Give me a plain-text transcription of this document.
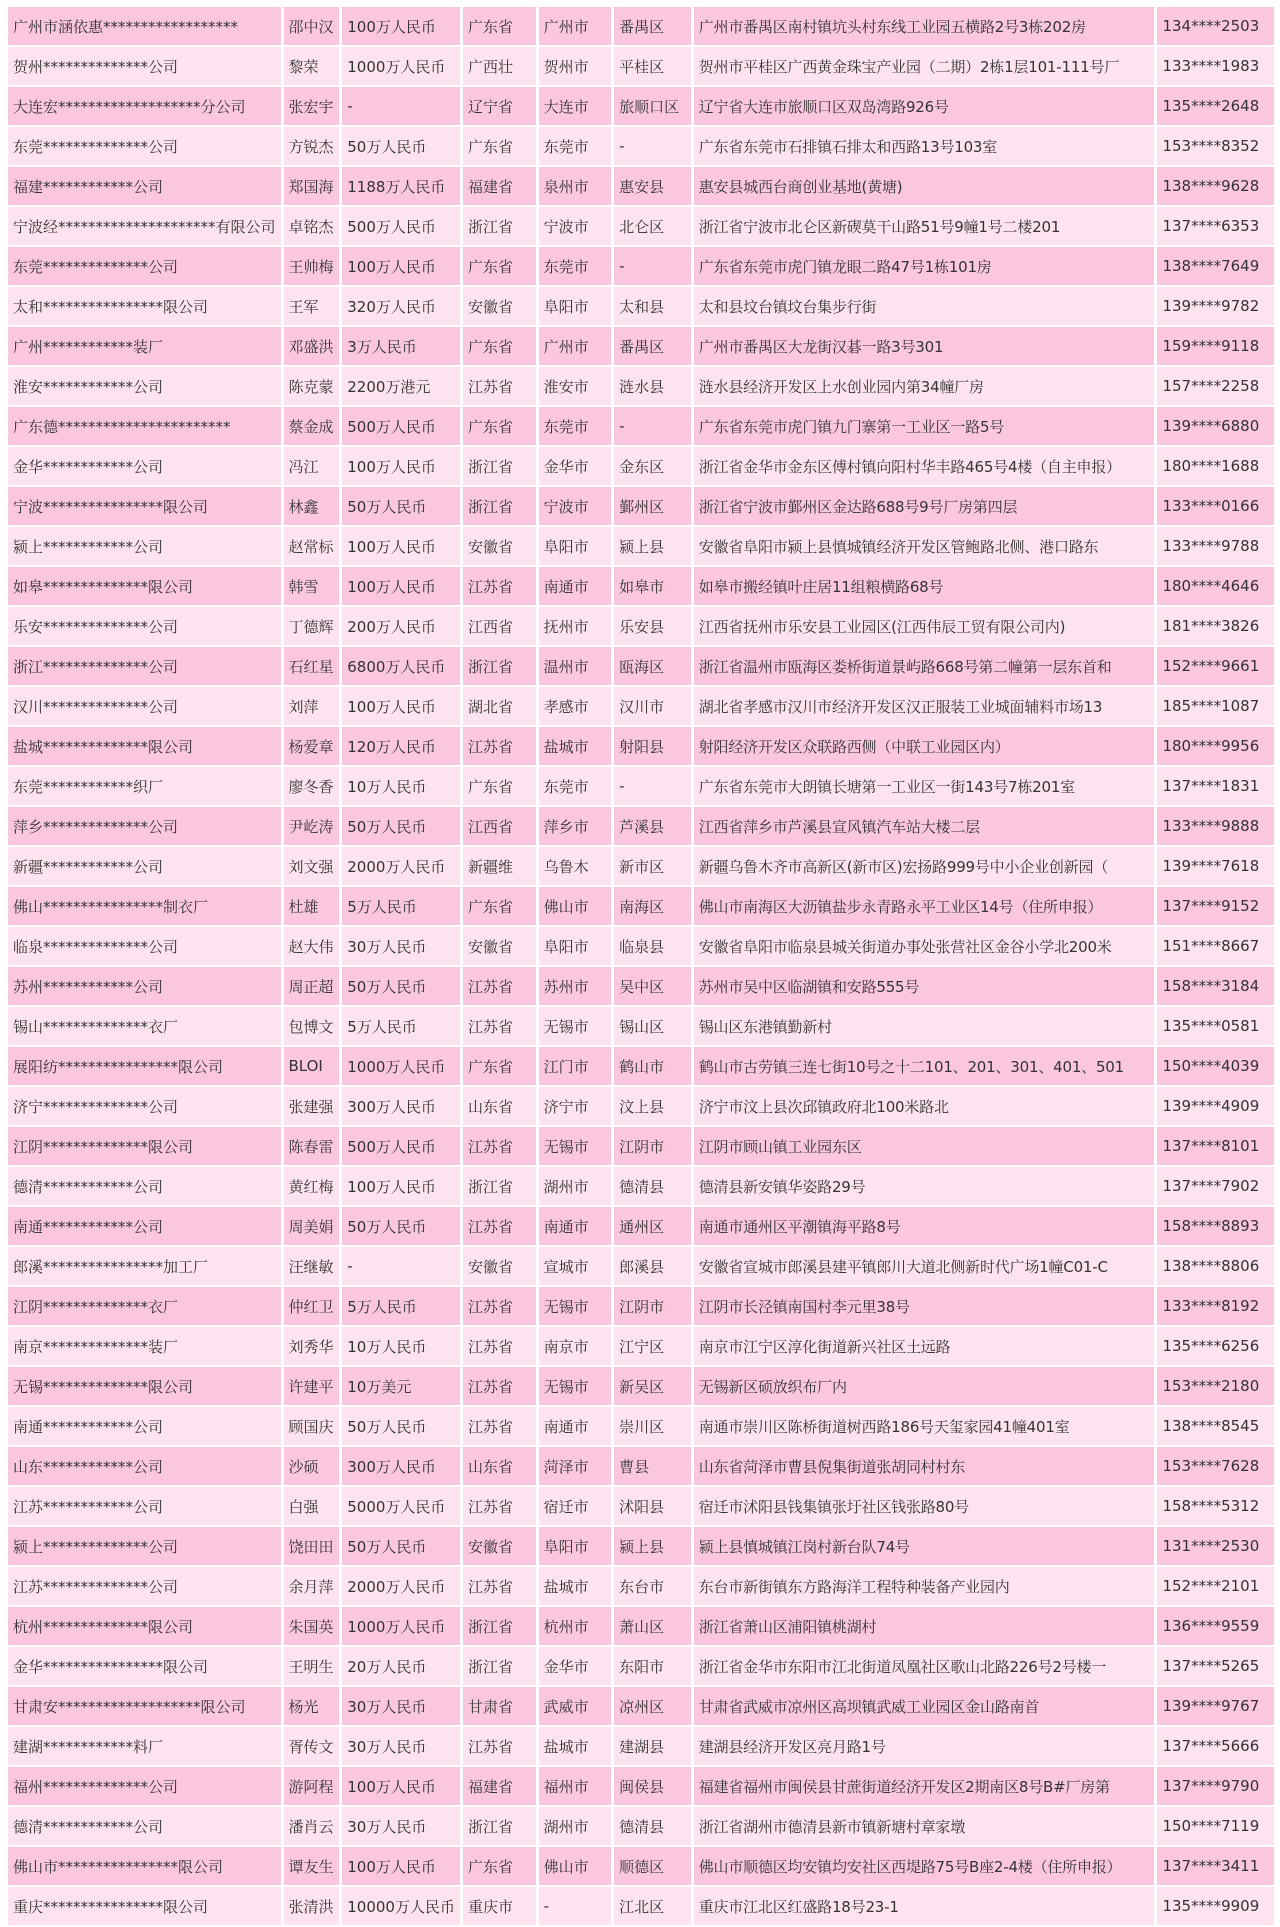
广州市涵依惠******************	邵中汉	100万人民币	广东省	广州市	番禺区	广州市番禺区南村镇坑头村东线工业园五横路2号3栋202房	134****2503
贺州**************公司	黎荣	1000万人民币	广西壮	贺州市	平桂区	贺州市平桂区广西黄金珠宝产业园（二期）2栋1层101-111号厂	133****1983
大连宏*******************分公司	张宏宇	-	辽宁省	大连市	旅顺口区	辽宁省大连市旅顺口区双岛湾路926号	135****2648
东莞**************公司	方锐杰	50万人民币	广东省	东莞市	-	广东省东莞市石排镇石排太和西路13号103室	153****8352
福建************公司	郑国海	1188万人民币	福建省	泉州市	惠安县	惠安县城西台商创业基地(黄塘)	138****9628
宁波经*********************有限公司	卓铭杰	500万人民币	浙江省	宁波市	北仑区	浙江省宁波市北仑区新碶莫干山路51号9幢1号二楼201	137****6353
东莞**************公司	王帅梅	100万人民币	广东省	东莞市	-	广东省东莞市虎门镇龙眼二路47号1栋101房	138****7649
太和****************限公司	王军	320万人民币	安徽省	阜阳市	太和县	太和县坟台镇坟台集步行街	139****9782
广州************装厂	邓盛洪	3万人民币	广东省	广州市	番禺区	广州市番禺区大龙街汉碁一路3号301	159****9118
淮安************公司	陈克蒙	2200万港元	江苏省	淮安市	涟水县	涟水县经济开发区上水创业园内第34幢厂房	157****2258
广东德***********************	蔡金成	500万人民币	广东省	东莞市	-	广东省东莞市虎门镇九门寨第一工业区一路5号	139****6880
金华************公司	冯江	100万人民币	浙江省	金华市	金东区	浙江省金华市金东区傅村镇向阳村华丰路465号4楼（自主申报）	180****1688
宁波****************限公司	林鑫	50万人民币	浙江省	宁波市	鄞州区	浙江省宁波市鄞州区金达路688号9号厂房第四层	133****0166
颍上************公司	赵常标	100万人民币	安徽省	阜阳市	颍上县	安徽省阜阳市颍上县慎城镇经济开发区管鲍路北侧、港口路东	133****9788
如皋**************限公司	韩雪	100万人民币	江苏省	南通市	如皋市	如皋市搬经镇叶庄居11组粮横路68号	180****4646
乐安**************公司	丁德辉	200万人民币	江西省	抚州市	乐安县	江西省抚州市乐安县工业园区(江西伟辰工贸有限公司内)	181****3826
浙江**************公司	石红星	6800万人民币	浙江省	温州市	瓯海区	浙江省温州市瓯海区娄桥街道景屿路668号第二幢第一层东首和	152****9661
汉川**************公司	刘萍	100万人民币	湖北省	孝感市	汉川市	湖北省孝感市汉川市经济开发区汉正服装工业城面辅料市场13	185****1087
盐城**************限公司	杨爱章	120万人民币	江苏省	盐城市	射阳县	射阳经济开发区众联路西侧（中联工业园区内）	180****9956
东莞************织厂	廖冬香	10万人民币	广东省	东莞市	-	广东省东莞市大朗镇长塘第一工业区一街143号7栋201室	137****1831
萍乡**************公司	尹屹涛	50万人民币	江西省	萍乡市	芦溪县	江西省萍乡市芦溪县宣风镇汽车站大楼二层	133****9888
新疆************公司	刘文强	2000万人民币	新疆维	乌鲁木	新市区	新疆乌鲁木齐市高新区(新市区)宏扬路999号中小企业创新园（	139****7618
佛山****************制衣厂	杜雄	5万人民币	广东省	佛山市	南海区	佛山市南海区大沥镇盐步永青路永平工业区14号（住所申报）	137****9152
临泉**************公司	赵大伟	30万人民币	安徽省	阜阳市	临泉县	安徽省阜阳市临泉县城关街道办事处张营社区金谷小学北200米	151****8667
苏州************公司	周正超	50万人民币	江苏省	苏州市	吴中区	苏州市吴中区临湖镇和安路555号	158****3184
锡山**************衣厂	包博文	5万人民币	江苏省	无锡市	锡山区	锡山区东港镇勤新村	135****0581
展阳纺****************限公司	BLOI	1000万人民币	广东省	江门市	鹤山市	鹤山市古劳镇三连七街10号之十二101、201、301、401、501	150****4039
济宁**************公司	张建强	300万人民币	山东省	济宁市	汶上县	济宁市汶上县次邱镇政府北100米路北	139****4909
江阴**************限公司	陈春雷	500万人民币	江苏省	无锡市	江阴市	江阴市顾山镇工业园东区	137****8101
德清************公司	黄红梅	100万人民币	浙江省	湖州市	德清县	德清县新安镇华姿路29号	137****7902
南通************公司	周美娟	50万人民币	江苏省	南通市	通州区	南通市通州区平潮镇海平路8号	158****8893
郎溪****************加工厂	汪继敏	-	安徽省	宣城市	郎溪县	安徽省宣城市郎溪县建平镇郎川大道北侧新时代广场1幢C01-C	138****8806
江阴**************衣厂	仲红卫	5万人民币	江苏省	无锡市	江阴市	江阴市长泾镇南国村李元里38号	133****8192
南京**************装厂	刘秀华	10万人民币	江苏省	南京市	江宁区	南京市江宁区淳化街道新兴社区土远路	135****6256
无锡**************限公司	许建平	10万美元	江苏省	无锡市	新吴区	无锡新区硕放织布厂内	153****2180
南通************公司	顾国庆	50万人民币	江苏省	南通市	崇川区	南通市崇川区陈桥街道树西路186号天玺家园41幢401室	138****8545
山东************公司	沙硕	300万人民币	山东省	菏泽市	曹县	山东省菏泽市曹县倪集街道张胡同村村东	153****7628
江苏************公司	白强	5000万人民币	江苏省	宿迁市	沭阳县	宿迁市沭阳县钱集镇张圩社区钱张路80号	158****5312
颍上**************公司	饶田田	50万人民币	安徽省	阜阳市	颍上县	颍上县慎城镇江岗村新台队74号	131****2530
江苏**************公司	余月萍	2000万人民币	江苏省	盐城市	东台市	东台市新街镇东方路海洋工程特种装备产业园内	152****2101
杭州**************限公司	朱国英	1000万人民币	浙江省	杭州市	萧山区	浙江省萧山区浦阳镇桃湖村	136****9559
金华****************限公司	王明生	20万人民币	浙江省	金华市	东阳市	浙江省金华市东阳市江北街道凤凰社区歌山北路226号2号楼一	137****5265
甘肃安*******************限公司	杨光	30万人民币	甘肃省	武威市	凉州区	甘肃省武威市凉州区高坝镇武威工业园区金山路南首	139****9767
建湖************料厂	胥传文	30万人民币	江苏省	盐城市	建湖县	建湖县经济开发区亮月路1号	137****5666
福州**************公司	游阿程	100万人民币	福建省	福州市	闽侯县	福建省福州市闽侯县甘蔗街道经济开发区2期南区8号B#厂房第	137****9790
德清************公司	潘肖云	30万人民币	浙江省	湖州市	德清县	浙江省湖州市德清县新市镇新塘村章家墩	150****7119
佛山市****************限公司	谭友生	100万人民币	广东省	佛山市	顺德区	佛山市顺德区均安镇均安社区西堤路75号B座2-4楼（住所申报）	137****3411
重庆****************限公司	张清洪	10000万人民币	重庆市	-	江北区	重庆市江北区红盛路18号23-1	135****9909
